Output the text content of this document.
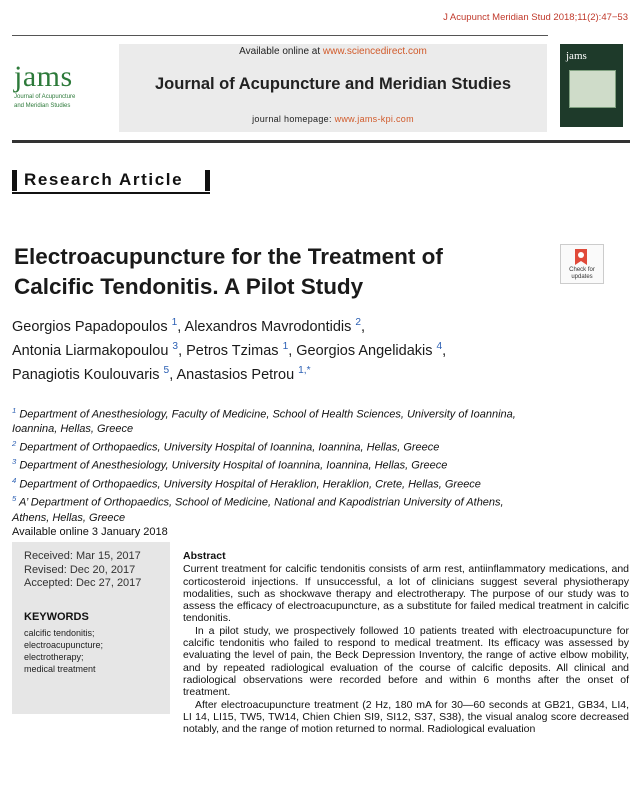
J Acupunct Meridian Stud 2018;11(2):47−53
jams
Journal of Acupuncture
and Meridian Studies
Available online at www.sciencedirect.com
Journal of Acupuncture and Meridian Studies
journal homepage: www.jams-kpi.com
jams
Research Article
Electroacupuncture for the Treatment of
Calcific Tendonitis. A Pilot Study
Check for updates
Georgios Papadopoulos $^1$, Alexandros Mavrodontidis $^2$,
Antonia Liarmakopoulou $^3$, Petros Tzimas $^1$, Georgios Angelidakis $^4$,
Panagiotis Koulouvaris $^5$, Anastasios Petrou $^{1,*}$
$^1$ Department of Anesthesiology, Faculty of Medicine, School of Health Sciences, University of Ioannina, Ioannina, Hellas, Greece
$^2$ Department of Orthopaedics, University Hospital of Ioannina, Ioannina, Hellas, Greece
$^3$ Department of Anesthesiology, University Hospital of Ioannina, Ioannina, Hellas, Greece
$^4$ Department of Orthopaedics, University Hospital of Heraklion, Heraklion, Crete, Hellas, Greece
$^5$ A’ Department of Orthopaedics, School of Medicine, National and Kapodistrian University of Athens, Athens, Hellas, Greece
Available online 3 January 2018
Received: Mar 15, 2017
Revised: Dec 20, 2017
Accepted: Dec 27, 2017
KEYWORDS
calcific tendonitis;
electroacupuncture;
electrotherapy;
medical treatment
Abstract

Current treatment for calcific tendonitis consists of arm rest, antiinflammatory medications, and corticosteroid injections. If unsuccessful, a lot of clinicians suggest several physiotherapy modalities, such as shockwave therapy and electrotherapy. The purpose of our study was to assess the efficacy of electroacupuncture, as a substitute for failed medical treatment in calcific tendonitis.

In a pilot study, we prospectively followed 10 patients treated with electroacupuncture for calcific tendonitis who failed to respond to medical treatment. Its efficacy was assessed by evaluating the level of pain, the Beck Depression Inventory, the range of active elbow mobility, and by repeated radiological evaluation of the course of calcific deposits. All clinical and radiological observations were recorded before and within 6 months after the onset of treatment.

After electroacupuncture treatment (2 Hz, 180 mA for 30—60 seconds at GB21, GB34, LI4, LI 14, LI15, TW5, TW14, Chien Chien SI9, SI12, S37, S38), the visual analog score decreased notably, and the range of motion returned to normal. Radiological evaluation
